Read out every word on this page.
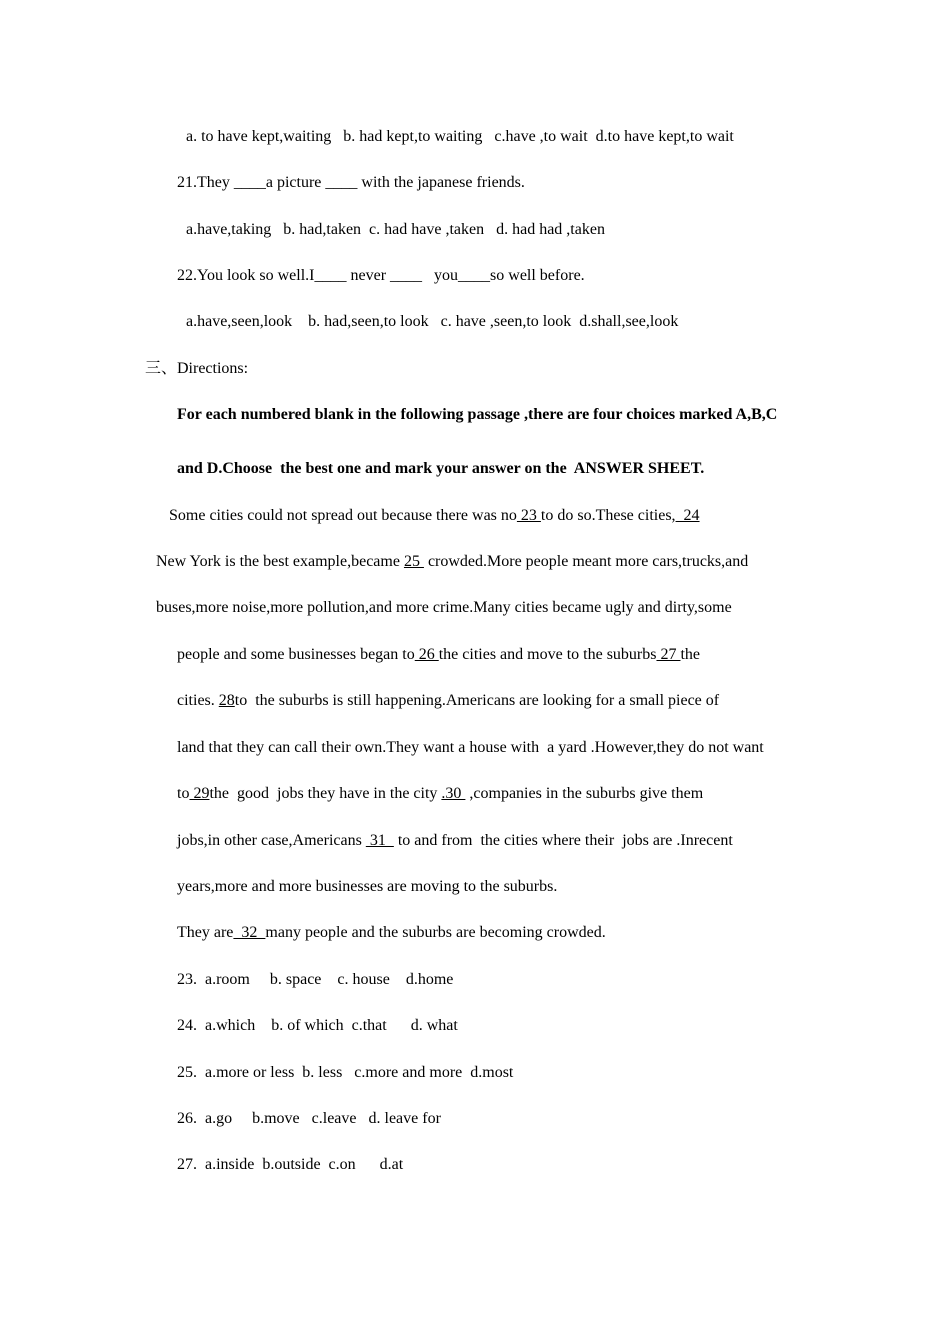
a. to have kept,waiting   b. had kept,to waiting   c.have ,to wait  d.to have kept,to wait
21.They ____a picture ____ with the japanese friends.
a.have,taking   b. had,taken  c. had have ,taken   d. had had ,taken
22.You look so well.I____ never ____   you____so well before.
a.have,seen,look    b. had,seen,to look   c. have ,seen,to look  d.shall,see,look
三、Directions:
For each numbered blank in the following passage ,there are four choices marked A,B,C
and D.Choose  the best one and mark your answer on the  ANSWER SHEET.
Some cities could not spread out because there was no 23 to do so.These cities,  24
New York is the best example,became 25  crowded.More people meant more cars,trucks,and
buses,more noise,more pollution,and more crime.Many cities became ugly and dirty,some
people and some businesses began to 26 the cities and move to the suburbs 27 the
cities. 28to  the suburbs is still happening.Americans are looking for a small piece of
land that they can call their own.They want a house with  a yard .However,they do not want
to 29the  good  jobs they have in the city .30  ,companies in the suburbs give them
jobs,in other case,Americans  31   to and from  the cities where their  jobs are .Inrecent
years,more and more businesses are moving to the suburbs.
They are  32  many people and the suburbs are becoming crowded.
23.  a.room     b. space    c. house    d.home
24.  a.which    b. of which  c.that      d. what
25.  a.more or less  b. less   c.more and more  d.most
26.  a.go     b.move   c.leave   d. leave for
27.  a.inside  b.outside  c.on      d.at
